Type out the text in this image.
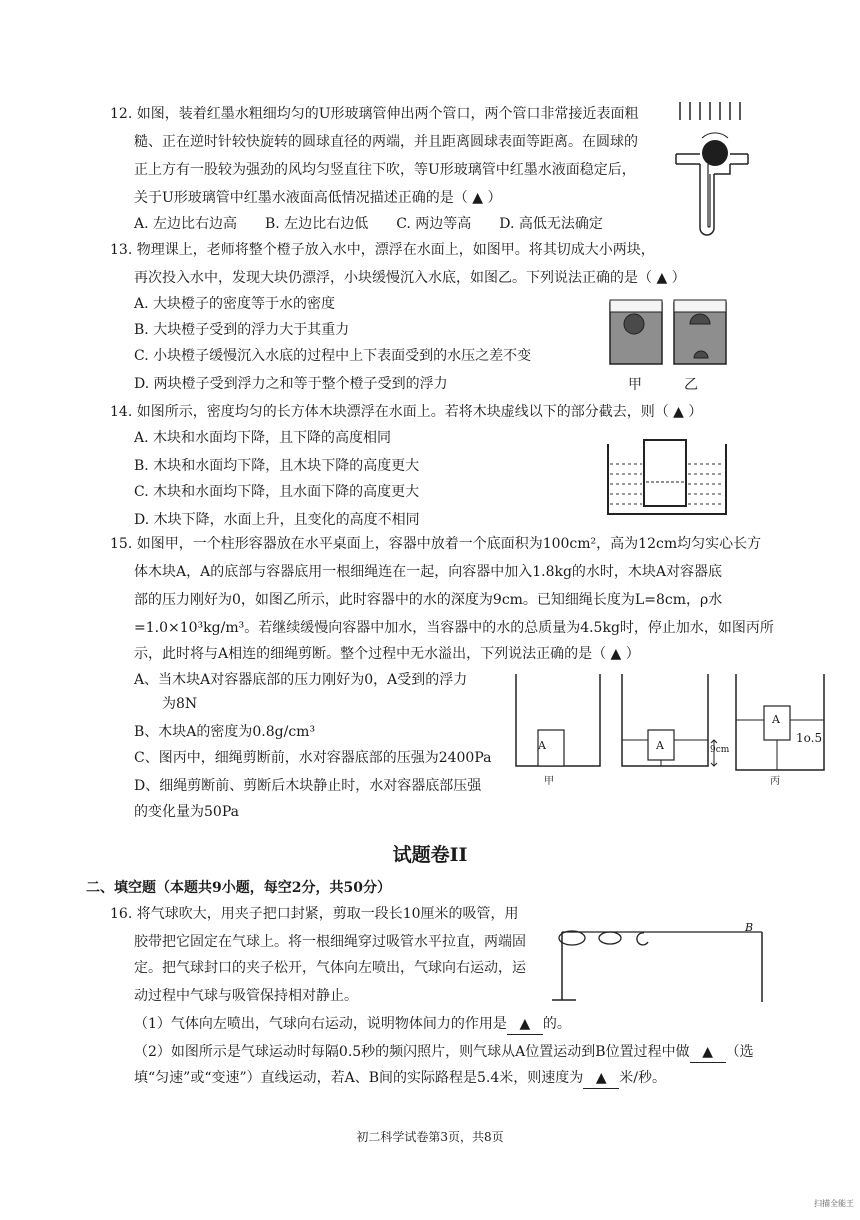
12. 如图，装着红墨水粗细均匀的U形玻璃管伸出两个管口，两个管口非常接近表面粗
糙、正在逆时针较快旋转的圆球直径的两端，并且距离圆球表面等距离。在圆球的
正上方有一股较为强劲的风均匀竖直往下吹，等U形玻璃管中红墨水液面稳定后，
关于U形玻璃管中红墨水液面高低情况描述正确的是（ ▲ ）
A. 左边比右边高　　B. 左边比右边低　　C. 两边等高　　D. 高低无法确定
13. 物理课上，老师将整个橙子放入水中，漂浮在水面上，如图甲。将其切成大小两块，
再次投入水中，发现大块仍漂浮，小块缓慢沉入水底，如图乙。下列说法正确的是（ ▲ ）
A. 大块橙子的密度等于水的密度
B. 大块橙子受到的浮力大于其重力
C. 小块橙子缓慢沉入水底的过程中上下表面受到的水压之差不变
D. 两块橙子受到浮力之和等于整个橙子受到的浮力	甲	乙
14. 如图所示，密度均匀的长方体木块漂浮在水面上。若将木块虚线以下的部分截去，则（ ▲ ）
A. 木块和水面均下降，且下降的高度相同
B. 木块和水面均下降，且木块下降的高度更大
C. 木块和水面均下降，且水面下降的高度更大
D. 木块下降，水面上升，且变化的高度不相同
15. 如图甲，一个柱形容器放在水平桌面上，容器中放着一个底面积为100cm²，高为12cm均匀实心长方
体木块A，A的底部与容器底用一根细绳连在一起，向容器中加入1.8kg的水时，木块A对容器底
部的压力刚好为0，如图乙所示，此时容器中的水的深度为9cm。已知细绳长度为L=8cm，ρ水
=1.0×10³kg/m³。若继续缓慢向容器中加水，当容器中的水的总质量为4.5kg时，停止加水，如图丙所
示，此时将与A相连的细绳剪断。整个过程中无水溢出，下列说法正确的是（ ▲ ）
A、当木块A对容器底部的压力刚好为0，A受到的浮力
为8N
B、木块A的密度为0.8g/cm³
C、图丙中，细绳剪断前，水对容器底部的压强为2400Pa
D、细绳剪断前、剪断后木块静止时，水对容器底部压强
的变化量为50Pa
A	A
A
9cm
1o.5
甲	丙
试题卷II
二、填空题（本题共9小题，每空2分，共50分）
16. 将气球吹大，用夹子把口封紧，剪取一段长10厘米的吸管，用
胶带把它固定在气球上。将一根细绳穿过吸管水平拉直，两端固
定。把气球封口的夹子松开，气体向左喷出，气球向右运动，运
动过程中气球与吸管保持相对静止。
（1）气体向左喷出，气球向右运动，说明物体间力的作用是 ▲ 的。
（2）如图所示是气球运动时每隔0.5秒的频闪照片，则气球从A位置运动到B位置过程中做 ▲ （选
填“匀速”或“变速”）直线运动，若A、B间的实际路程是5.4米，则速度为 ▲ 米/秒。
B
初二科学试卷第3页，共8页
扫描全能王
